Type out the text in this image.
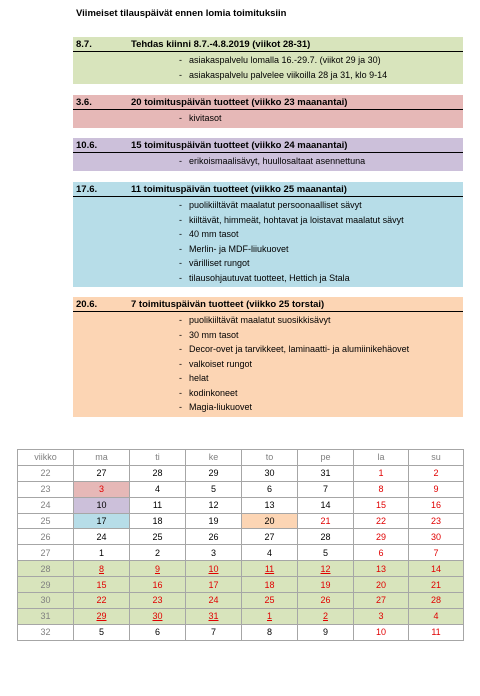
Viimeiset tilauspäivät ennen lomia toimituksiin
8.7.	Tehdas kiinni 8.7.-4.8.2019 (viikot 28-31)
- asiakaspalvelu lomalla 16.-29.7. (viikot 29 ja 30)
- asiakaspalvelu palvelee viikoilla 28 ja 31, klo 9-14
3.6.	20 toimituspäivän tuotteet (viikko 23 maanantai)
- kivitasot
10.6.	15 toimituspäivän tuotteet (viikko 24 maanantai)
- erikoismaalisävyt, huullosaltaat asennettuna
17.6.	11 toimituspäivän tuotteet (viikko 25 maanantai)
- puolikiiltävät maalatut persoonaalliset sävyt
- kiiltävät, himmeät, hohtavat ja loistavat maalatut sävyt
- 40 mm tasot
- Merlin- ja MDF-liiukuovet
- värilliset rungot
- tilausohjautuvat tuotteet, Hettich ja Stala
20.6.	7 toimituspäivän tuotteet (viikko 25 torstai)
- puolikiiltävät maalatut suosikkisävyt
- 30 mm tasot
- Decor-ovet ja tarvikkeet, laminaatti- ja alumiinikehäovet
- valkoiset rungot
- helat
- kodinkoneet
- Magia-liukuovet
viikko	ma	ti	ke	to	pe	la	su
22	27	28	29	30	31	1	2
23	3	4	5	6	7	8	9
24	10	11	12	13	14	15	16
25	17	18	19	20	21	22	23
26	24	25	26	27	28	29	30
27	1	2	3	4	5	6	7
28	8	9	10	11	12	13	14
29	15	16	17	18	19	20	21
30	22	23	24	25	26	27	28
31	29	30	31	1	2	3	4
32	5	6	7	8	9	10	11
